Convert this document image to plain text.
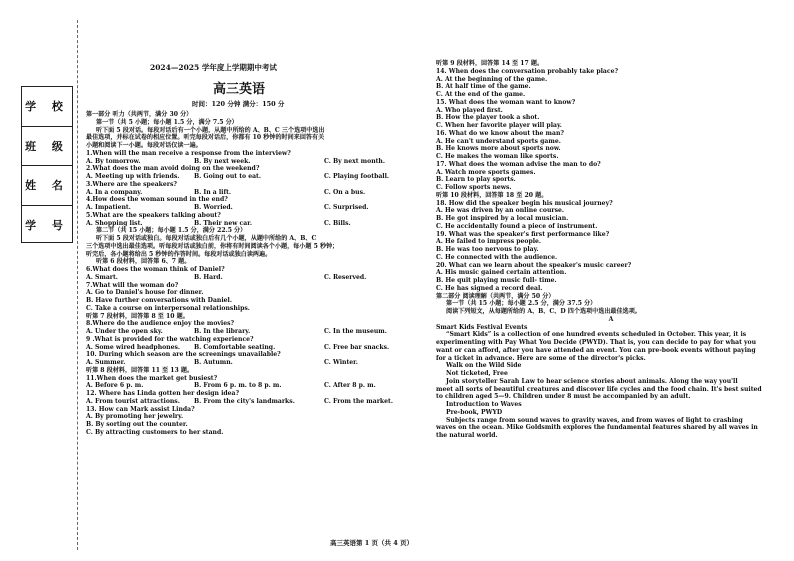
学 校
班 级
姓 名
学 号
2024—2025 学年度上学期期中考试
高三英语
时间：120 分钟 满分：150 分
第一部分 听力（共两节，满分 30 分）
第一节（共 5 小题；每小题 1.5 分，满分 7.5 分）
听下面 5 段对话。每段对话后有一个小题，从题中所给的 A、B、C 三个选项中选出
最佳选项，并标在试卷的相应位置。听完每段对话后，你都有 10 秒钟的时间来回答有关
小题和阅读下一小题。每段对话仅读一遍。
1.When will the man receive a response from the interview?
A. By tomorrow.	B. By next week.	C. By next month.
2.What does the man avoid doing on the weekend?
A. Meeting up with friends. B. Going out to eat.	C. Playing football.
3.Where are the speakers?
A. In a company.	B. In a lift.	C. On a bus.
4.How does the woman sound in the end?
A. Impatient.	B. Worried.	C. Surprised.
5.What are the speakers talking about?
A. Shopping list.	B. Their new car.	C. Bills.
第二节（共 15 小题；每小题 1.5 分，满分 22.5 分）
听下面 5 段对话或独白。每段对话或独白后有几个小题，从题中所给的 A、B、C
三个选项中选出最佳选项。听每段对话或独白前，你将有时间阅读各个小题，每小题 5 秒钟；
听完后，各小题将给出 5 秒钟的作答时间。每段对话或独白读两遍。
听第 6 段材料，回答第 6、7 题。
6.What does the woman think of Daniel?
A. Smart.	B. Hard.	C. Reserved.
7.What will the woman do?
A. Go to Daniel's house for dinner.
B. Have further conversations with Daniel.
C. Take a course on interpersonal relationships.
听第 7 段材料，回答第 8 至 10 题。
8.Where do the audience enjoy the movies?
A. Under the open sky.	B. In the library.	C. In the museum.
9 .What is provided for the watching experience?
A. Some wired headphones. B. Comfortable seating.	C. Free bar snacks.
10. During which season are the screenings unavailable?
A. Summer.	B. Autumn.	C. Winter.
听第 8 段材料，回答第 11 至 13 题。
11.When does the market get busiest?
A. Before 6 p. m.	B. From 6 p. m. to 8 p. m.	C. After 8 p. m.
12. Where has Linda gotten her design idea?
A. From tourist attractions. B. From the city's landmarks.	C. From the market.
13. How can Mark assist Linda?
A. By promoting her jewelry.
B. By sorting out the counter.
C. By attracting customers to her stand.
听第 9 段材料，回答第 14 至 17 题。
14. When does the conversation probably take place?
A. At the beginning of the game.
B. At half time of the game.
C. At the end of the game.
15. What does the woman want to know?
A. Who played first.
B. How the player took a shot.
C. When her favorite player will play.
16. What do we know about the man?
A. He can't understand sports game.
B. He knows more about sports now.
C. He makes the woman like sports.
17. What does the woman advise the man to do?
A. Watch more sports games.
B. Learn to play sports.
C. Follow sports news.
听第 10 段材料，回答第 18 至 20 题。
18. How did the speaker begin his musical journey?
A. He was driven by an online course.
B. He got inspired by a local musician.
C. He accidentally found a piece of instrument.
19. What was the speaker's first performance like?
A. He failed to impress people.
B. He was too nervous to play.
C. He connected with the audience.
20. What can we learn about the speaker's music career?
A. His music gained certain attention.
B. He quit playing music full- time.
C. He has signed a record deal.
第二部分 阅读理解（共两节，满分 50 分）
第一节（共 15 小题；每小题 2.5 分，满分 37.5 分）
阅读下列短文，从每题所给的 A、B、C、D 四个选项中选出最佳选项。
A
Smart Kids Festival Events
“Smart Kids” is a collection of one hundred events scheduled in October. This year, it is
experimenting with Pay What You Decide (PWYD). That is, you can decide to pay for what you
want or can afford, after you have attended an event. You can pre-book events without paying
for a ticket in advance. Here are some of the director's picks.
Walk on the Wild Side
Not ticketed, Free
Join storyteller Sarah Law to hear science stories about animals. Along the way you'll
meet all sorts of beautiful creatures and discover life cycles and the food chain. It's best suited
to children aged 5—9. Children under 8 must be accompanied by an adult.
Introduction to Waves
Pre-book, PWYD
Subjects range from sound waves to gravity waves, and from waves of light to crashing
waves on the ocean. Mike Goldsmith explores the fundamental features shared by all waves in
the natural world.
高三英语第 1 页（共 4 页）
